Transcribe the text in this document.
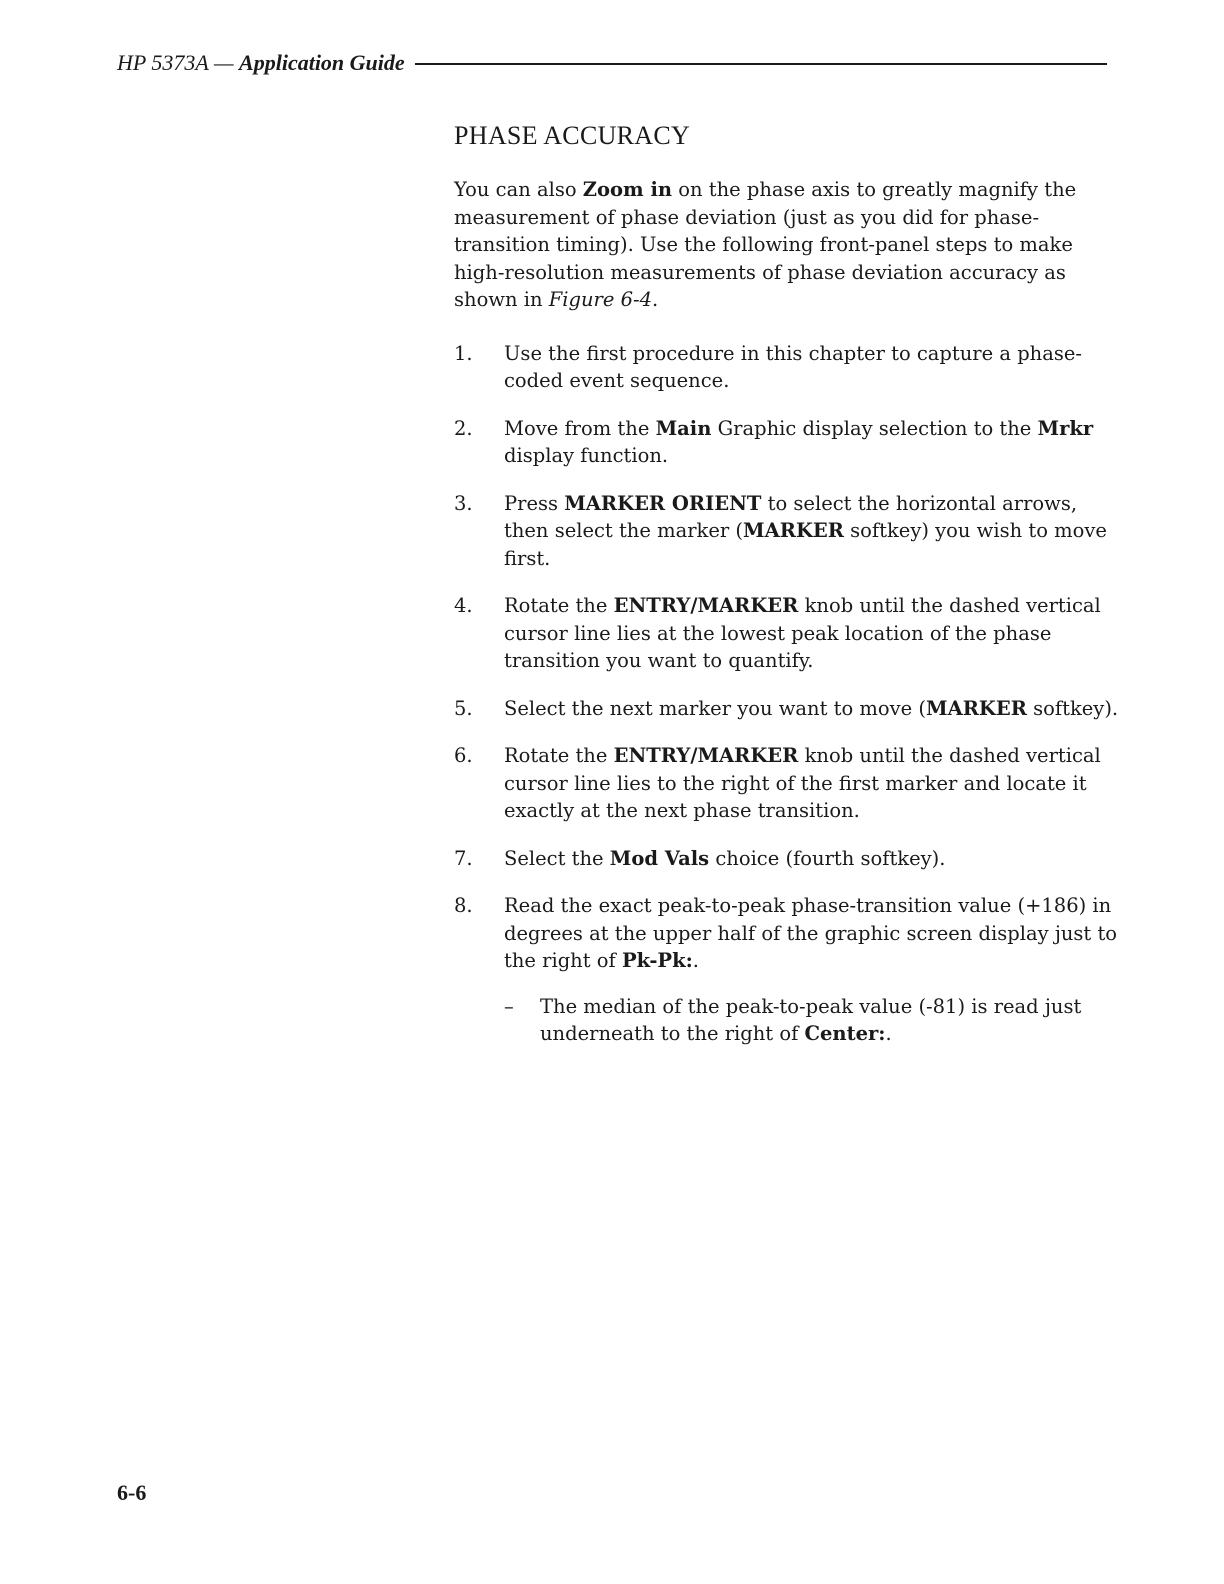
HP 5373A — Application Guide
PHASE ACCURACY

You can also Zoom in on the phase axis to greatly magnify the measurement of phase deviation (just as you did for phase-transition timing). Use the following front-panel steps to make high-resolution measurements of phase deviation accuracy as shown in Figure 6-4.

1.	Use the first procedure in this chapter to capture a phase-coded event sequence.
2.	Move from the Main Graphic display selection to the Mrkr display function.
3.	Press MARKER ORIENT to select the horizontal arrows, then select the marker (MARKER softkey) you wish to move first.
4.	Rotate the ENTRY/MARKER knob until the dashed vertical cursor line lies at the lowest peak location of the phase transition you want to quantify.
5.	Select the next marker you want to move (MARKER softkey).
6.	Rotate the ENTRY/MARKER knob until the dashed vertical cursor line lies to the right of the first marker and locate it exactly at the next phase transition.
7.	Select the Mod Vals choice (fourth softkey).
8.	Read the exact peak-to-peak phase-transition value (+186) in degrees at the upper half of the graphic screen display just to the right of Pk-Pk:.
–	The median of the peak-to-peak value (-81) is read just underneath to the right of Center:.
6-6
